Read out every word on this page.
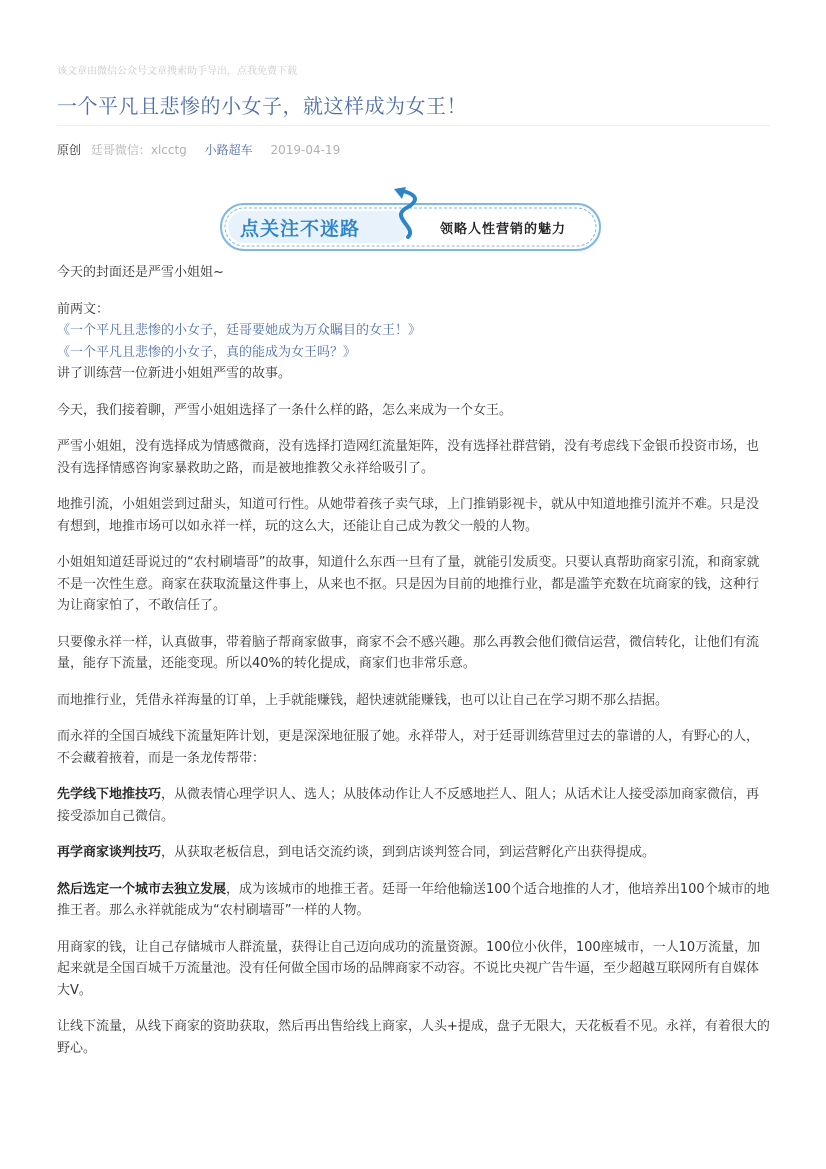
该文章由微信公众号文章搜索助手导出，点我免费下载
一个平凡且悲惨的小女子，就这样成为女王！
原创 廷哥微信：xlcctg 小路超车 2019-04-19
点关注不迷路	领略人性营销的魅力

今天的封面还是严雪小姐姐~

前两文：

《一个平凡且悲惨的小女子，廷哥要她成为万众瞩目的女王！》
《一个平凡且悲惨的小女子，真的能成为女王吗？》

讲了训练营一位新进小姐姐严雪的故事。

今天，我们接着聊，严雪小姐姐选择了一条什么样的路，怎么来成为一个女王。

严雪小姐姐，没有选择成为情感微商，没有选择打造网红流量矩阵，没有选择社群营销，没有考虑线下金银币投资市场，也没有选择情感咨询家暴救助之路，而是被地推教父永祥给吸引了。

地推引流，小姐姐尝到过甜头，知道可行性。从她带着孩子卖气球，上门推销影视卡，就从中知道地推引流并不难。只是没有想到，地推市场可以如永祥一样，玩的这么大，还能让自己成为教父一般的人物。

小姐姐知道廷哥说过的“农村刷墙哥”的故事，知道什么东西一旦有了量，就能引发质变。只要认真帮助商家引流，和商家就不是一次性生意。商家在获取流量这件事上，从来也不抠。只是因为目前的地推行业，都是滥竽充数在坑商家的钱，这种行为让商家怕了，不敢信任了。

只要像永祥一样，认真做事，带着脑子帮商家做事，商家不会不感兴趣。那么再教会他们微信运营，微信转化，让他们有流量，能存下流量，还能变现。所以40%的转化提成，商家们也非常乐意。

而地推行业，凭借永祥海量的订单，上手就能赚钱，超快速就能赚钱，也可以让自己在学习期不那么拮据。

而永祥的全国百城线下流量矩阵计划，更是深深地征服了她。永祥带人，对于廷哥训练营里过去的靠谱的人，有野心的人，不会藏着掖着，而是一条龙传帮带：

先学线下地推技巧，从微表情心理学识人、选人；从肢体动作让人不反感地拦人、阻人；从话术让人接受添加商家微信，再接受添加自己微信。

再学商家谈判技巧，从获取老板信息，到电话交流约谈，到到店谈判签合同，到运营孵化产出获得提成。

然后选定一个城市去独立发展，成为该城市的地推王者。廷哥一年给他输送100个适合地推的人才，他培养出100个城市的地推王者。那么永祥就能成为“农村刷墙哥”一样的人物。

用商家的钱，让自己存储城市人群流量，获得让自己迈向成功的流量资源。100位小伙伴，100座城市，一人10万流量，加起来就是全国百城千万流量池。没有任何做全国市场的品牌商家不动容。不说比央视广告牛逼，至少超越互联网所有自媒体大V。

让线下流量，从线下商家的资助获取，然后再出售给线上商家，人头+提成，盘子无限大，天花板看不见。永祥，有着很大的野心。
